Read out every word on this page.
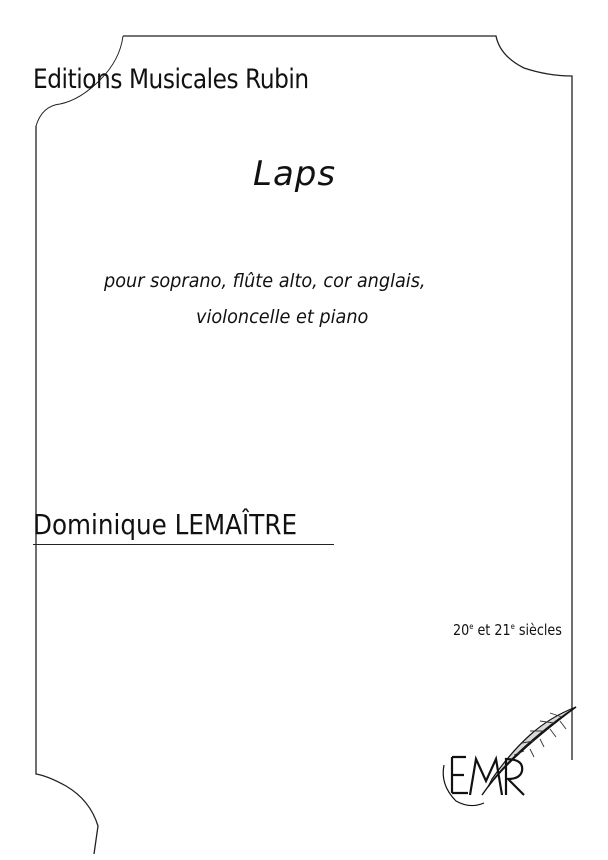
Editions Musicales Rubin
Laps
pour soprano, flûte alto, cor anglais,
violoncelle et piano
Dominique LEMAÎTRE
20e et 21e siècles
